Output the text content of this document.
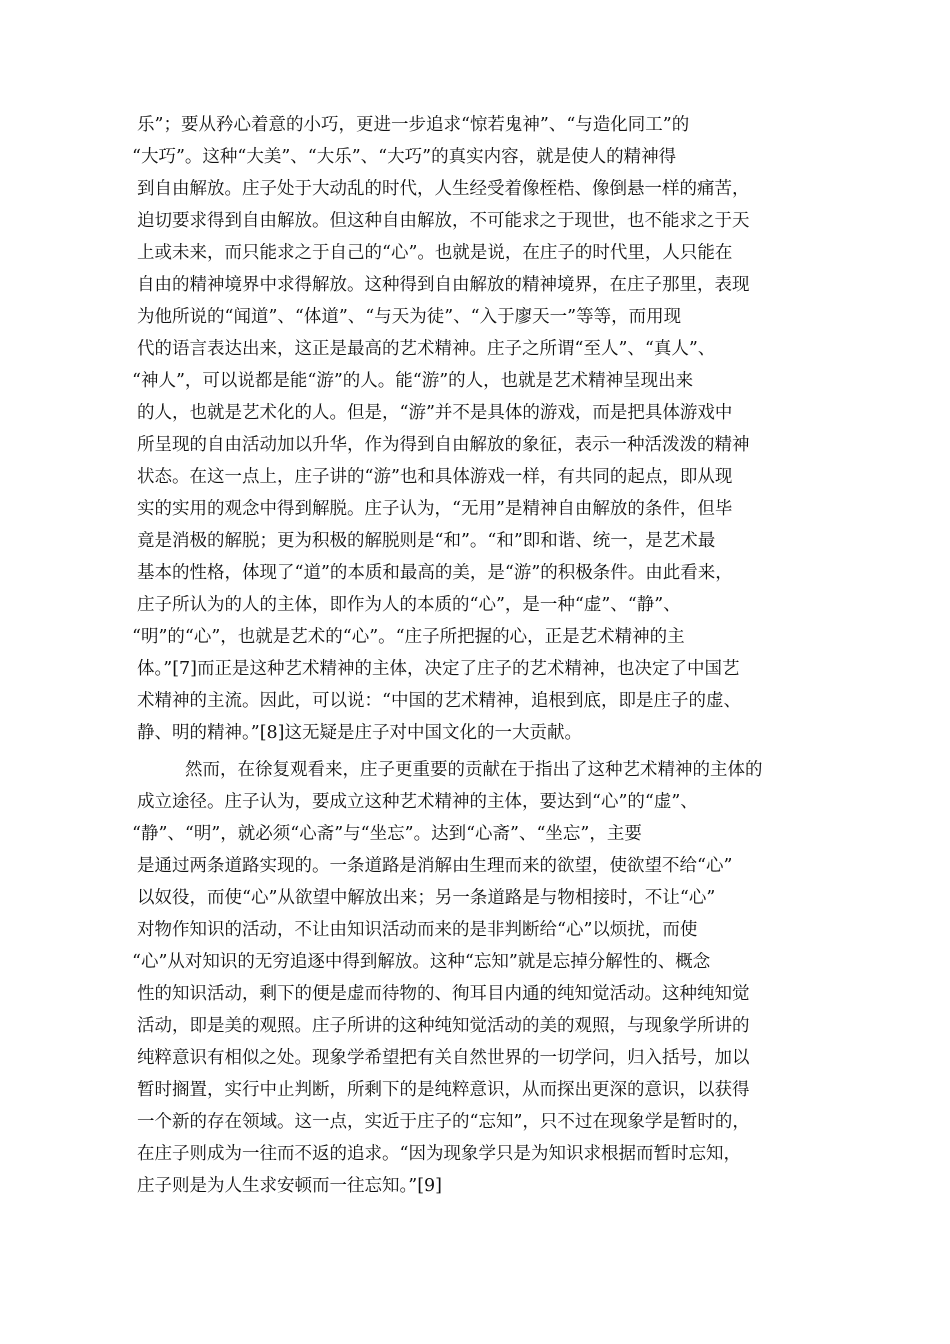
乐”；要从矜心着意的小巧，更进一步追求“惊若鬼神”、“与造化同工”的
“大巧”。这种“大美”、“大乐”、“大巧”的真实内容，就是使人的精神得
到自由解放。庄子处于大动乱的时代，人生经受着像桎梏、像倒悬一样的痛苦，
迫切要求得到自由解放。但这种自由解放，不可能求之于现世，也不能求之于天
上或未来，而只能求之于自己的“心”。也就是说，在庄子的时代里，人只能在
自由的精神境界中求得解放。这种得到自由解放的精神境界，在庄子那里，表现
为他所说的“闻道”、“体道”、“与天为徒”、“入于廖天一”等等，而用现
代的语言表达出来，这正是最高的艺术精神。庄子之所谓“至人”、“真人”、
“神人”，可以说都是能“游”的人。能“游”的人，也就是艺术精神呈现出来
的人，也就是艺术化的人。但是，“游”并不是具体的游戏，而是把具体游戏中
所呈现的自由活动加以升华，作为得到自由解放的象征，表示一种活泼泼的精神
状态。在这一点上，庄子讲的“游”也和具体游戏一样，有共同的起点，即从现
实的实用的观念中得到解脱。庄子认为，“无用”是精神自由解放的条件，但毕
竟是消极的解脱；更为积极的解脱则是“和”。“和”即和谐、统一，是艺术最
基本的性格，体现了“道”的本质和最高的美，是“游”的积极条件。由此看来，
庄子所认为的人的主体，即作为人的本质的“心”，是一种“虚”、“静”、
“明”的“心”，也就是艺术的“心”。“庄子所把握的心，正是艺术精神的主
体。”[7]而正是这种艺术精神的主体，决定了庄子的艺术精神，也决定了中国艺
术精神的主流。因此，可以说：“中国的艺术精神，追根到底，即是庄子的虚、
静、明的精神。”[8]这无疑是庄子对中国文化的一大贡献。
然而，在徐复观看来，庄子更重要的贡献在于指出了这种艺术精神的主体的
成立途径。庄子认为，要成立这种艺术精神的主体，要达到“心”的“虚”、
“静”、“明”，就必须“心斋”与“坐忘”。达到“心斋”、“坐忘”，主要
是通过两条道路实现的。一条道路是消解由生理而来的欲望，使欲望不给“心”
以奴役，而使“心”从欲望中解放出来；另一条道路是与物相接时，不让“心”
对物作知识的活动，不让由知识活动而来的是非判断给“心”以烦扰，而使
“心”从对知识的无穷追逐中得到解放。这种“忘知”就是忘掉分解性的、概念
性的知识活动，剩下的便是虚而待物的、徇耳目内通的纯知觉活动。这种纯知觉
活动，即是美的观照。庄子所讲的这种纯知觉活动的美的观照，与现象学所讲的
纯粹意识有相似之处。现象学希望把有关自然世界的一切学问，归入括号，加以
暂时搁置，实行中止判断，所剩下的是纯粹意识，从而探出更深的意识，以获得
一个新的存在领域。这一点，实近于庄子的“忘知”，只不过在现象学是暂时的，
在庄子则成为一往而不返的追求。“因为现象学只是为知识求根据而暂时忘知，
庄子则是为人生求安顿而一往忘知。”[9]
